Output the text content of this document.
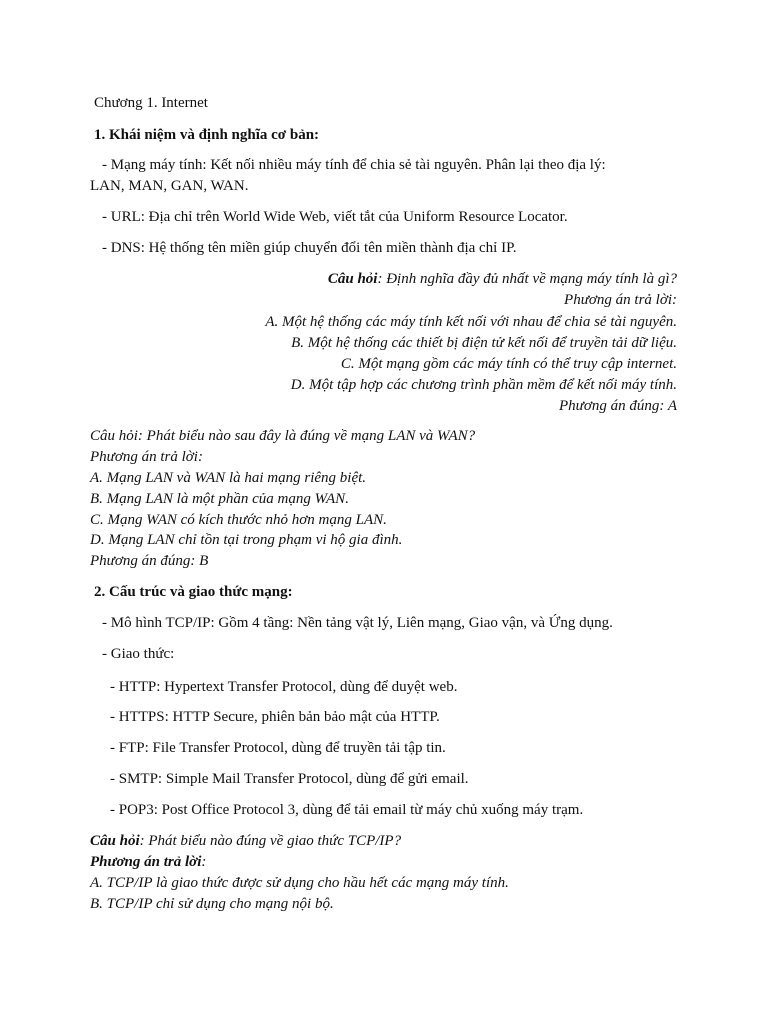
Chương 1. Internet
1. Khái niệm và định nghĩa cơ bản:
- Mạng máy tính: Kết nối nhiều máy tính để chia sẻ tài nguyên. Phân lại theo địa lý:
LAN, MAN, GAN, WAN.
- URL: Địa chỉ trên World Wide Web, viết tắt của Uniform Resource Locator.
- DNS: Hệ thống tên miền giúp chuyển đổi tên miền thành địa chỉ IP.
Câu hỏi: Định nghĩa đầy đủ nhất về mạng máy tính là gì?
Phương án trả lời:
A. Một hệ thống các máy tính kết nối với nhau để chia sẻ tài nguyên.
B. Một hệ thống các thiết bị điện tử kết nối để truyền tải dữ liệu.
C. Một mạng gồm các máy tính có thể truy cập internet.
D. Một tập hợp các chương trình phần mềm để kết nối máy tính.
Phương án đúng: A
Câu hỏi: Phát biểu nào sau đây là đúng về mạng LAN và WAN?
Phương án trả lời:
A. Mạng LAN và WAN là hai mạng riêng biệt.
B. Mạng LAN là một phần của mạng WAN.
C. Mạng WAN có kích thước nhỏ hơn mạng LAN.
D. Mạng LAN chỉ tồn tại trong phạm vi hộ gia đình.
Phương án đúng: B
2. Cấu trúc và giao thức mạng:
- Mô hình TCP/IP: Gồm 4 tầng: Nền tảng vật lý, Liên mạng, Giao vận, và Ứng dụng.
- Giao thức:
- HTTP: Hypertext Transfer Protocol, dùng để duyệt web.
- HTTPS: HTTP Secure, phiên bản bảo mật của HTTP.
- FTP: File Transfer Protocol, dùng để truyền tải tập tin.
- SMTP: Simple Mail Transfer Protocol, dùng để gửi email.
- POP3: Post Office Protocol 3, dùng để tải email từ máy chủ xuống máy trạm.
Câu hỏi: Phát biểu nào đúng về giao thức TCP/IP?
Phương án trả lời:
A. TCP/IP là giao thức được sử dụng cho hầu hết các mạng máy tính.
B. TCP/IP chỉ sử dụng cho mạng nội bộ.
